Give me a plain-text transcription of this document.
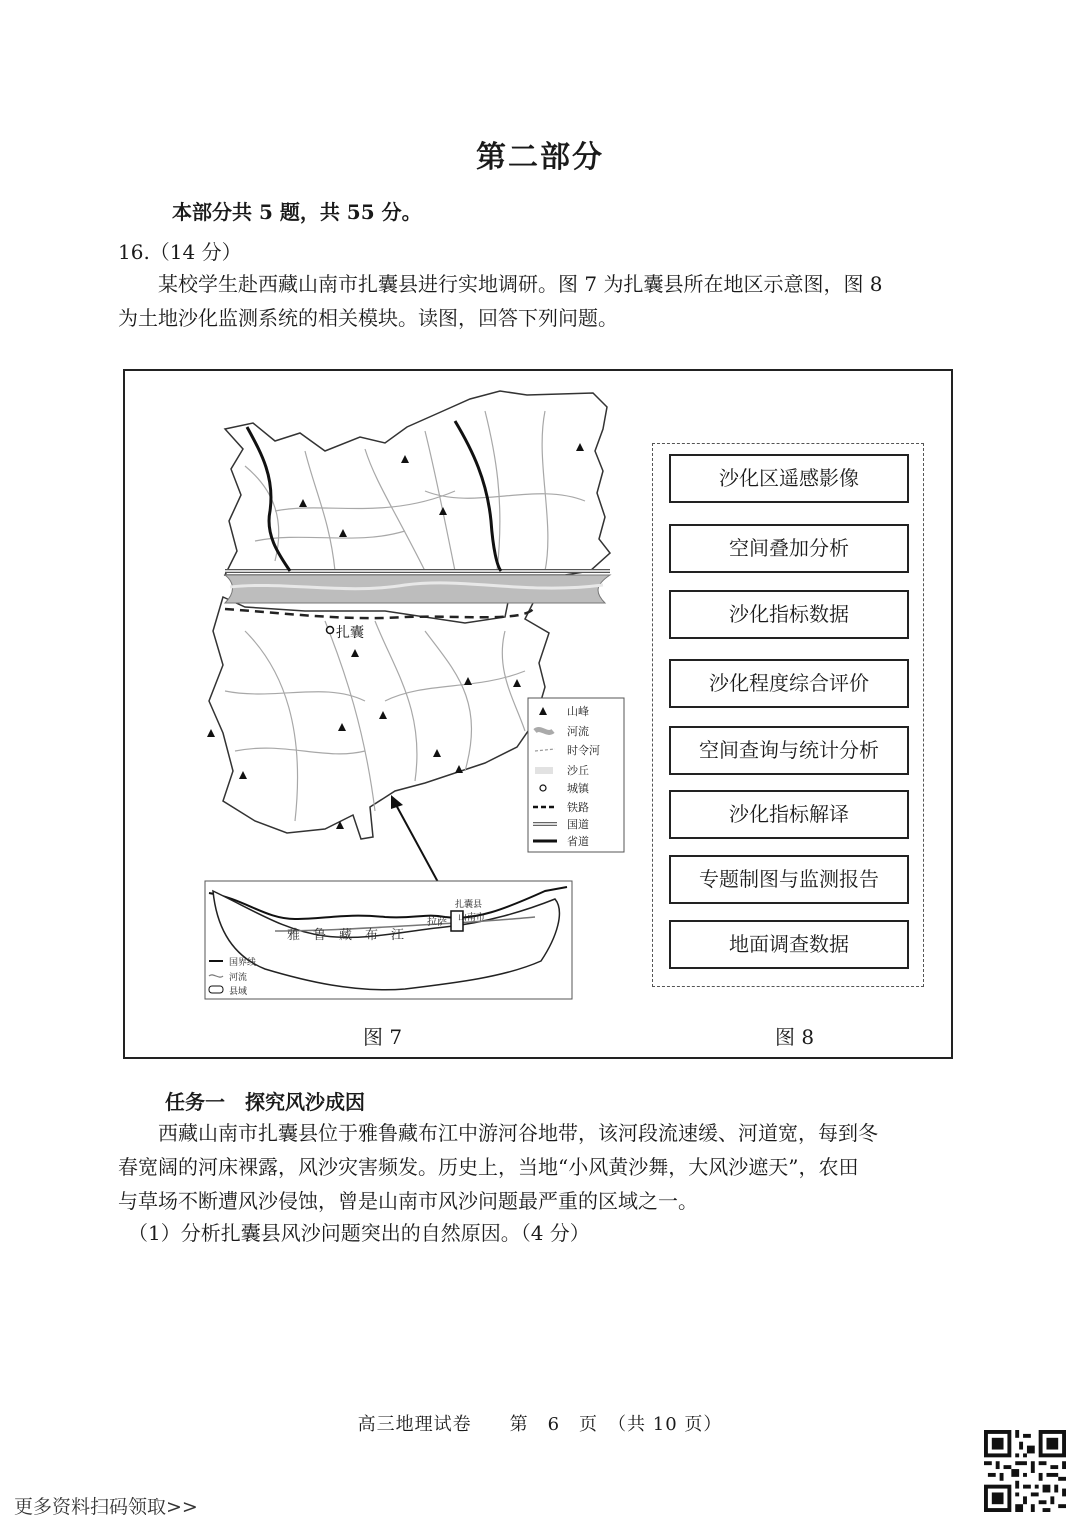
第二部分
本部分共 5 题，共 55 分。
16.（14 分）
　　某校学生赴西藏山南市扎囊县进行实地调研。图 7 为扎囊县所在地区示意图，图 8
为土地沙化监测系统的相关模块。读图，回答下列问题。
扎囊
山峰
河流
时令河
沙丘
城镇
铁路
国道
省道
雅　鲁　藏　布　江
拉萨
扎囊县
山南市
国界线
河流
县域
沙化区遥感影像
空间叠加分析
沙化指标数据
沙化程度综合评价
空间查询与统计分析
沙化指标解译
专题制图与监测报告
地面调查数据
图 7	图 8
任务一　探究风沙成因
　　西藏山南市扎囊县位于雅鲁藏布江中游河谷地带，该河段流速缓、河道宽，每到冬
春宽阔的河床裸露，风沙灾害频发。历史上，当地“小风黄沙舞，大风沙遮天”，农田
与草场不断遭风沙侵蚀，曾是山南市风沙问题最严重的区域之一。
（1）分析扎囊县风沙问题突出的自然原因。（4 分）
高三地理试卷　　第　6　页　（共 10 页）
更多资料扫码领取>>
